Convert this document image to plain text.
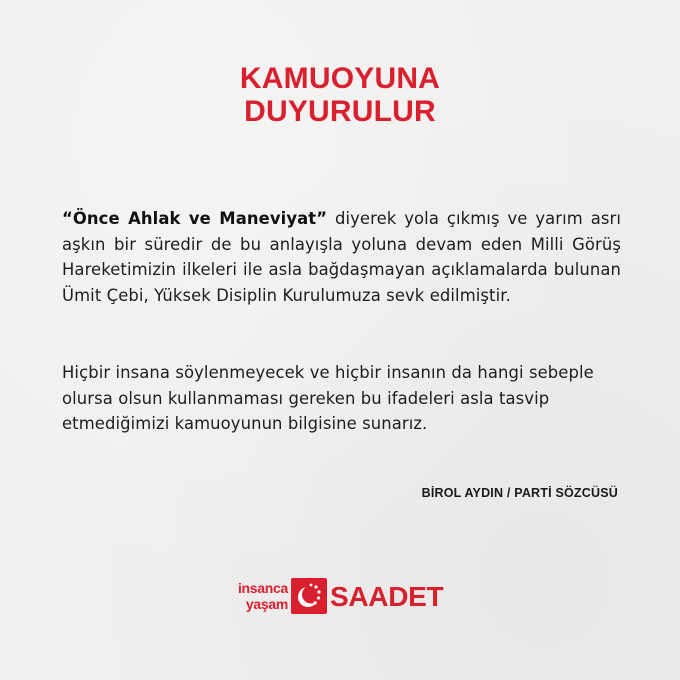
KAMUOYUNA
DUYURULUR

“Önce Ahlak ve Maneviyat” diyerek yola çıkmış ve yarım asrı aşkın bir süredir de bu anlayışla yoluna devam eden Milli Görüş Hareketimizin ilkeleri ile asla bağdaşmayan açıklamalarda bulunan Ümit Çebi, Yüksek Disiplin Kurulumuza sevk edilmiştir.

Hiçbir insana söylenmeyecek ve hiçbir insanın da hangi sebeple olursa olsun kullanmaması gereken bu ifadeleri asla tasvip etmediğimizi kamuoyunun bilgisine sunarız.

BİROL AYDIN / PARTİ SÖZCÜSÜ
insanca
yaşam SAADET
